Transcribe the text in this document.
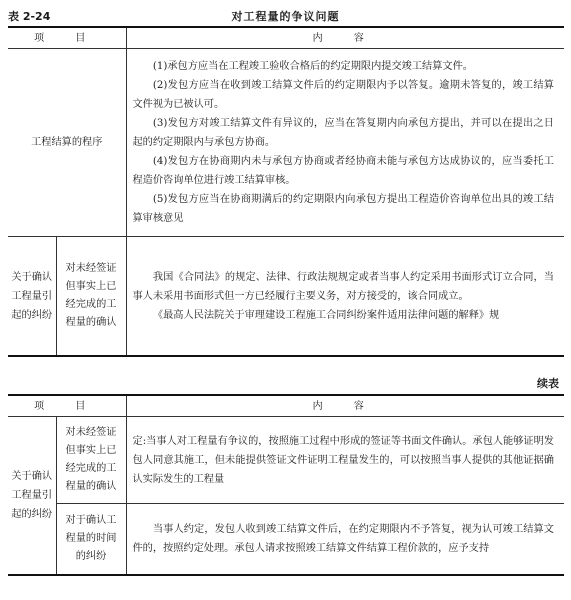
表 2-24	对工程量的争议问题
项 目		内 容
工程结算的程序		(1)承包方应当在工程竣工验收合格后的约定期限内提交竣工结算文件。

(2)发包方应当在收到竣工结算文件后的约定期限内予以答复。逾期未答复的，竣工结算文件视为已被认可。

(3)发包方对竣工结算文件有异议的，应当在答复期内向承包方提出，并可以在提出之日起的约定期限内与承包方协商。

(4)发包方在协商期内未与承包方协商或者经协商未能与承包方达成协议的，应当委托工程造价咨询单位进行竣工结算审核。

(5)发包方应当在协商期满后的约定期限内向承包方提出工程造价咨询单位出具的竣工结算审核意见

关于确认工程量引起的纠纷	对未经签证但事实上已经完成的工程量的确认	我国《合同法》的规定、法律、行政法规规定或者当事人约定采用书面形式订立合同，当事人未采用书面形式但一方已经履行主要义务，对方接受的，该合同成立。

《最高人民法院关于审理建设工程施工合同纠纷案件适用法律问题的解释》规

续表
项 目		内 容
关于确认工程量引起的纠纷	对未经签证但事实上已经完成的工程量的确认	定:当事人对工程量有争议的，按照施工过程中形成的签证等书面文件确认。承包人能够证明发包人同意其施工，但未能提供签证文件证明工程量发生的，可以按照当事人提供的其他证据确认实际发生的工程量

	对于确认工程量的时间的纠纷	当事人约定，发包人收到竣工结算文件后，在约定期限内不予答复，视为认可竣工结算文件的，按照约定处理。承包人请求按照竣工结算文件结算工程价款的，应予支持
